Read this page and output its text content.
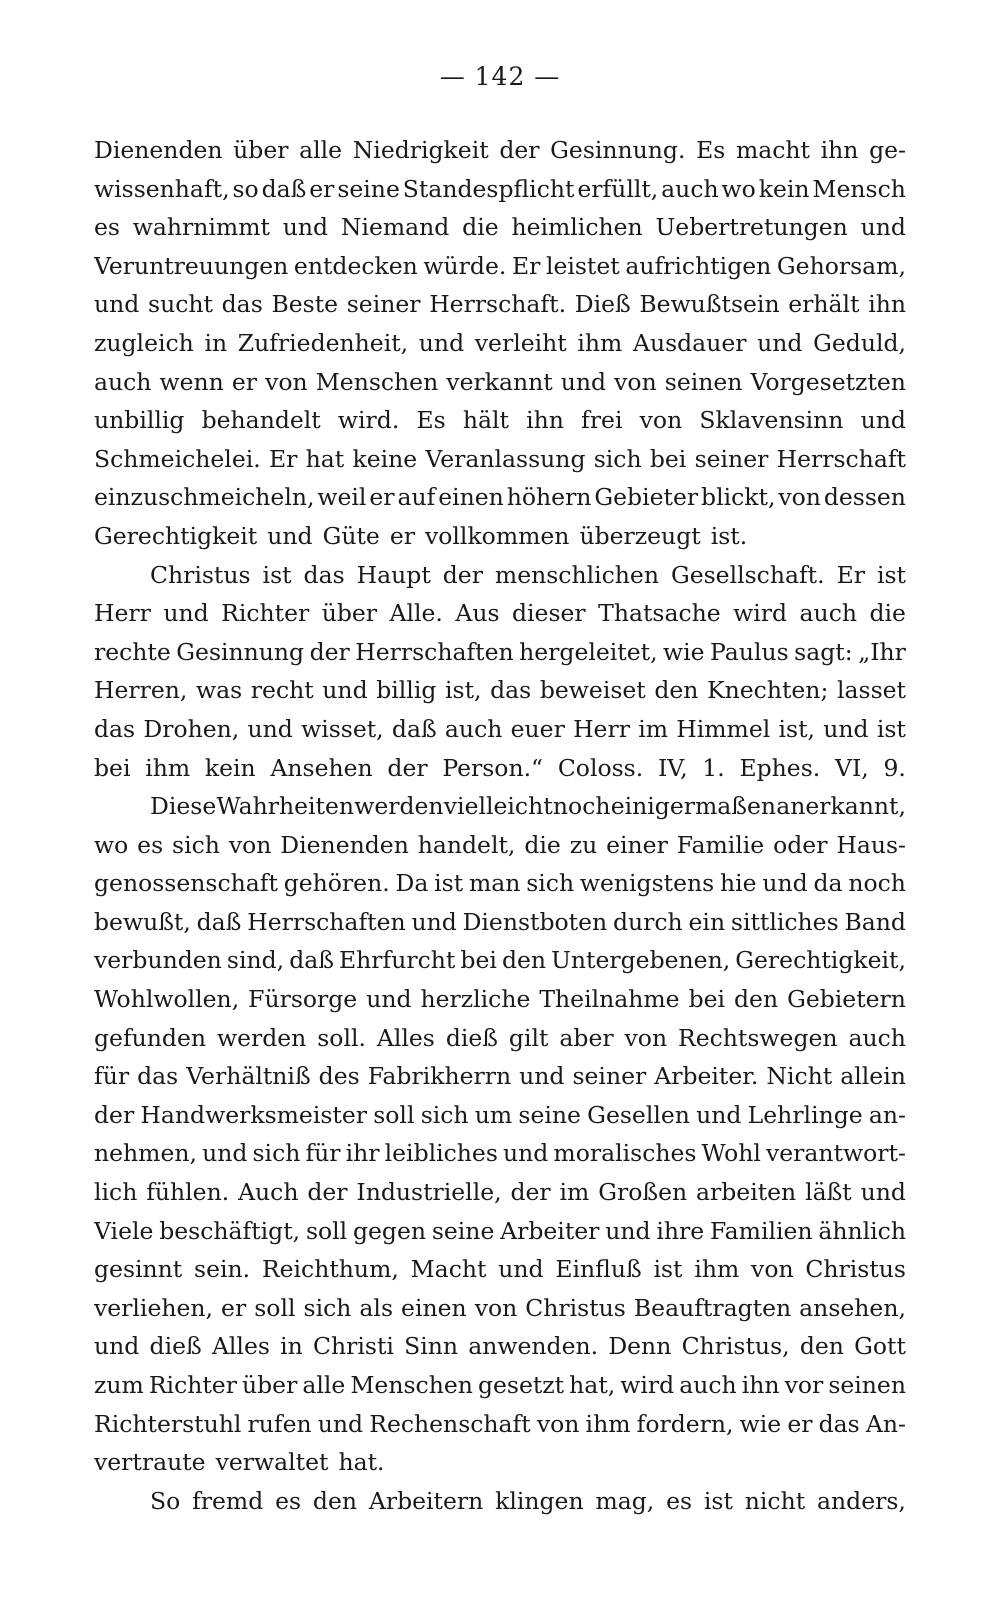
— 142 —
Dienenden über alle Niedrigkeit der Gesinnung. Es macht ihn ge-
wissenhaft, so daß er seine Standespflicht erfüllt, auch wo kein Mensch
es wahrnimmt und Niemand die heimlichen Uebertretungen und
Veruntreuungen entdecken würde. Er leistet aufrichtigen Gehorsam,
und sucht das Beste seiner Herrschaft. Dieß Bewußtsein erhält ihn
zugleich in Zufriedenheit, und verleiht ihm Ausdauer und Geduld,
auch wenn er von Menschen verkannt und von seinen Vorgesetzten
unbillig behandelt wird. Es hält ihn frei von Sklavensinn und
Schmeichelei. Er hat keine Veranlassung sich bei seiner Herrschaft
einzuschmeicheln, weil er auf einen höhern Gebieter blickt, von dessen
Gerechtigkeit und Güte er vollkommen überzeugt ist.
Christus ist das Haupt der menschlichen Gesellschaft. Er ist
Herr und Richter über Alle. Aus dieser Thatsache wird auch die
rechte Gesinnung der Herrschaften hergeleitet, wie Paulus sagt: „Ihr
Herren, was recht und billig ist, das beweiset den Knechten; lasset
das Drohen, und wisset, daß auch euer Herr im Himmel ist, und ist
bei ihm kein Ansehen der Person.“ Coloss. IV, 1. Ephes. VI, 9.
Diese Wahrheiten werden vielleicht noch einigermaßen anerkannt,
wo es sich von Dienenden handelt, die zu einer Familie oder Haus-
genossenschaft gehören. Da ist man sich wenigstens hie und da noch
bewußt, daß Herrschaften und Dienstboten durch ein sittliches Band
verbunden sind, daß Ehrfurcht bei den Untergebenen, Gerechtigkeit,
Wohlwollen, Fürsorge und herzliche Theilnahme bei den Gebietern
gefunden werden soll. Alles dieß gilt aber von Rechtswegen auch
für das Verhältniß des Fabrikherrn und seiner Arbeiter. Nicht allein
der Handwerksmeister soll sich um seine Gesellen und Lehrlinge an-
nehmen, und sich für ihr leibliches und moralisches Wohl verantwort-
lich fühlen. Auch der Industrielle, der im Großen arbeiten läßt und
Viele beschäftigt, soll gegen seine Arbeiter und ihre Familien ähnlich
gesinnt sein. Reichthum, Macht und Einfluß ist ihm von Christus
verliehen, er soll sich als einen von Christus Beauftragten ansehen,
und dieß Alles in Christi Sinn anwenden. Denn Christus, den Gott
zum Richter über alle Menschen gesetzt hat, wird auch ihn vor seinen
Richterstuhl rufen und Rechenschaft von ihm fordern, wie er das An-
vertraute verwaltet hat.
So fremd es den Arbeitern klingen mag, es ist nicht anders,
